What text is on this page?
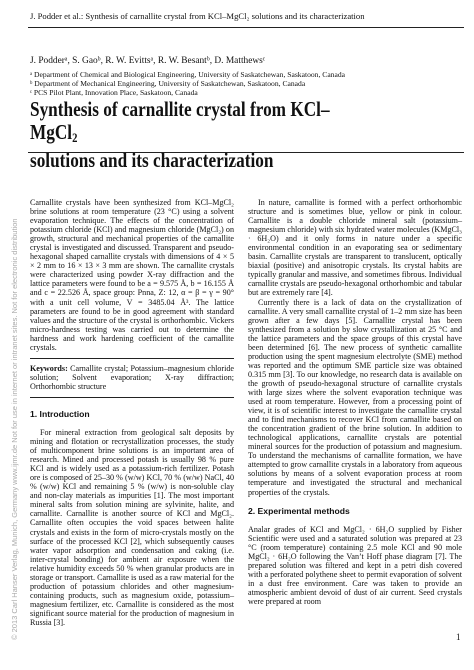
J. Podder et al.: Synthesis of carnallite crystal from KCl–MgCl₂ solutions and its characterization
J. Podderᵃ, S. Gaoᵇ, R. W. Evittsᵃ, R. W. Besantᵇ, D. Matthewsᶜ
ᵃ Department of Chemical and Biological Engineering, University of Saskatchewan, Saskatoon, Canada
ᵇ Department of Mechanical Engineering, University of Saskatchewan, Saskatoon, Canada
ᶜ PCS Pilot Plant, Innovation Place, Saskatoon, Canada
Synthesis of carnallite crystal from KCl–MgCl$_2$
solutions and its characterization

Carnallite crystals have been synthesized from KCl–MgCl₂ brine solutions at room temperature (23 °C) using a solvent evaporation technique. The effects of the concentration of potassium chloride (KCl) and magnesium chloride (MgCl₂) on growth, structural and mechanical properties of the carnallite crystal is investigated and discussed. Transparent and pseudo-hexagonal shaped carnallite crystals with dimensions of 4 × 5 × 2 mm to 16 × 13 × 3 mm are shown. The carnallite crystals were characterized using powder X-ray diffraction and the lattice parameters were found to be a = 9.575 Å, b = 16.155 Å and c = 22.526 Å, space group: Pnna, Z: 12, α = β = γ = 90° with a unit cell volume, V = 3485.04 Å³. The lattice parameters are found to be in good agreement with standard values and the structure of the crystal is orthorhombic. Vickers micro-hardness testing was carried out to determine the hardness and work hardening coefficient of the carnallite crystals.

Keywords: Carnallite crystal; Potassium–magnesium chloride solution; Solvent evaporation; X-ray diffraction; Orthorhombic structure

1. Introduction

For mineral extraction from geological salt deposits by mining and flotation or recrystallization processes, the study of multicomponent brine solutions is an important area of research. Mined and processed potash is usually 98 % pure KCl and is widely used as a potassium-rich fertilizer. Potash ore is composed of 25–30 % (w/w) KCl, 70 % (w/w) NaCl, 40 % (w/w) KCl and remaining 5 % (w/w) is non-soluble clay and non-clay materials as impurities [1]. The most important mineral salts from solution mining are sylvinite, halite, and carnallite. Carnallite is another source of KCl and MgCl₂. Carnallite often occupies the void spaces between halite crystals and exists in the form of micro-crystals mostly on the surface of the processed KCl [2], which subsequently causes water vapor adsorption and condensation and caking (i.e. inter-crystal bonding) for ambient air exposure when the relative humidity exceeds 50 % when granular products are in storage or transport. Carnallite is used as a raw material for the production of potassium chlorides and other magnesium-containing products, such as magnesium oxide, potassium–magnesium fertilizer, etc. Carnallite is considered as the most significant source material for the production of magnesium in Russia [3].

In nature, carnallite is formed with a perfect orthorhombic structure and is sometimes blue, yellow or pink in colour. Carnallite is a double chloride mineral salt (potassium–magnesium chloride) with six hydrated water molecules (KMgCl₃ · 6H₂O) and it only forms in nature under a specific environmental condition in an evaporating sea or sedimentary basin. Carnallite crystals are transparent to translucent, optically biaxial (positive) and anisotropic crystals. Its crystal habits are typically granular and massive, and sometimes fibrous. Individual carnallite crystals are pseudo-hexagonal orthorhombic and tabular but are extremely rare [4].

Currently there is a lack of data on the crystallization of carnallite. A very small carnallite crystal of 1–2 mm size has been grown after a few days [5]. Carnallite crystal has been synthesized from a solution by slow crystallization at 25 °C and the lattice parameters and the space groups of this crystal have been determined [6]. The new process of synthetic carnallite production using the spent magnesium electrolyte (SME) method was reported and the optimum SME particle size was obtained 0.315 mm [3]. To our knowledge, no research data is available on the growth of pseudo-hexagonal structure of carnallite crystals with large sizes where the solvent evaporation technique was used at room temperature. However, from a processing point of view, it is of scientific interest to investigate the carnallite crystal and to find mechanisms to recover KCl from carnallite based on the concentration gradient of the brine solution. In addition to technological applications, carnallite crystals are potential mineral sources for the production of potassium and magnesium. To understand the mechanisms of carnallite formation, we have attempted to grow carnallite crystals in a laboratory from aqueous solutions by means of a solvent evaporation process at room temperature and investigated the structural and mechanical properties of the crystals.

2. Experimental methods

Analar grades of KCl and MgCl₂ · 6H₂O supplied by Fisher Scientific were used and a saturated solution was prepared at 23 °C (room temperature) containing 2.5 mole KCl and 90 mole MgCl₂ · 6H₂O following the Van’t Hoff phase diagram [7]. The prepared solution was filtered and kept in a petri dish covered with a perforated polythene sheet to permit evaporation of solvent in a dust free environment. Care was taken to provide an atmospheric ambient devoid of dust of air current. Seed crystals were prepared at room

© 2013 Carl Hanser Verlag, Munich, Germany www.ijmr.de Not for use in internet or intranet sites. Not for electronic distribution	1
